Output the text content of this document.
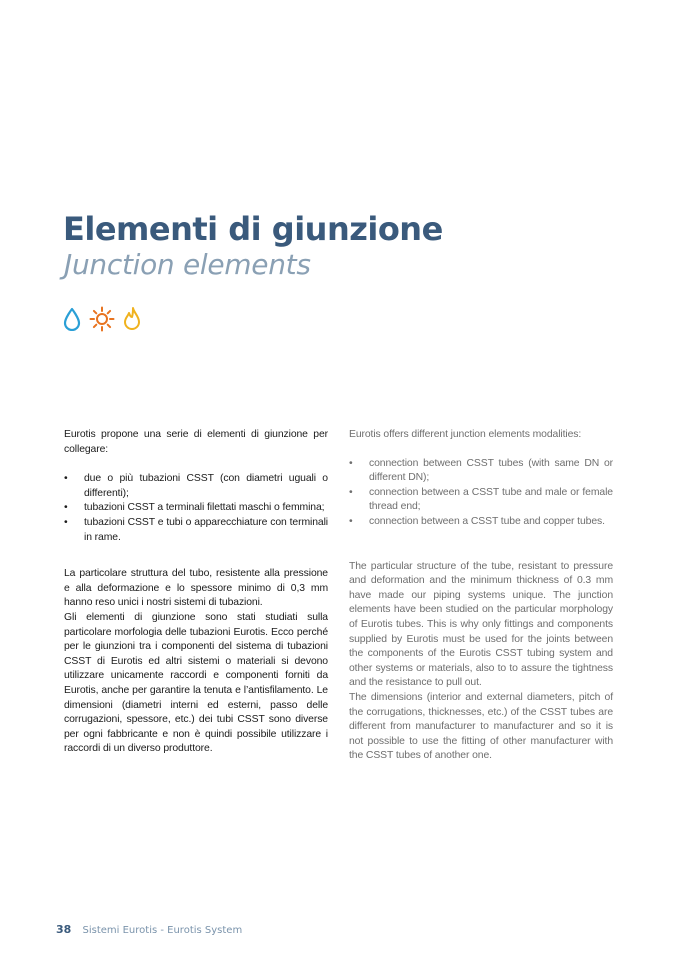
Elementi di giunzione
Junction elements

Eurotis propone una serie di elementi di giunzione per collegare:

• due o più tubazioni CSST (con diametri uguali o differenti);
• tubazioni CSST a terminali filettati maschi o femmina;
• tubazioni CSST e tubi o apparecchiature con terminali in rame.

La particolare struttura del tubo, resistente alla pressione e alla deformazione e lo spessore minimo di 0,3 mm hanno reso unici i nostri sistemi di tubazioni.

Gli elementi di giunzione sono stati studiati sulla particolare morfologia delle tubazioni Eurotis. Ecco perché per le giunzioni tra i componenti del sistema di tubazioni CSST di Eurotis ed altri sistemi o materiali si devono utilizzare unicamente raccordi e componenti forniti da Eurotis, anche per garantire la tenuta e l’antisfilamento. Le dimensioni (diametri interni ed esterni, passo delle corrugazioni, spessore, etc.) dei tubi CSST sono diverse per ogni fabbricante e non è quindi possibile utilizzare i raccordi di un diverso produttore.

Eurotis offers different junction elements modalities:

• connection between CSST tubes (with same DN or different DN);
• connection between a CSST tube and male or female thread end;
• connection between a CSST tube and copper tubes.

The particular structure of the tube, resistant to pressure and deformation and the minimum thickness of 0.3 mm have made our piping systems unique. The junction elements have been studied on the particular morphology of Eurotis tubes. This is why only fittings and components supplied by Eurotis must be used for the joints between the components of the Eurotis CSST tubing system and other systems or materials, also to to assure the tightness and the resistance to pull out.

The dimensions (interior and external diameters, pitch of the corrugations, thicknesses, etc.) of the CSST tubes are different from manufacturer to manufacturer and so it is not possible to use the fitting of other manufacturer with the CSST tubes of another one.

38 Sistemi Eurotis - Eurotis System
